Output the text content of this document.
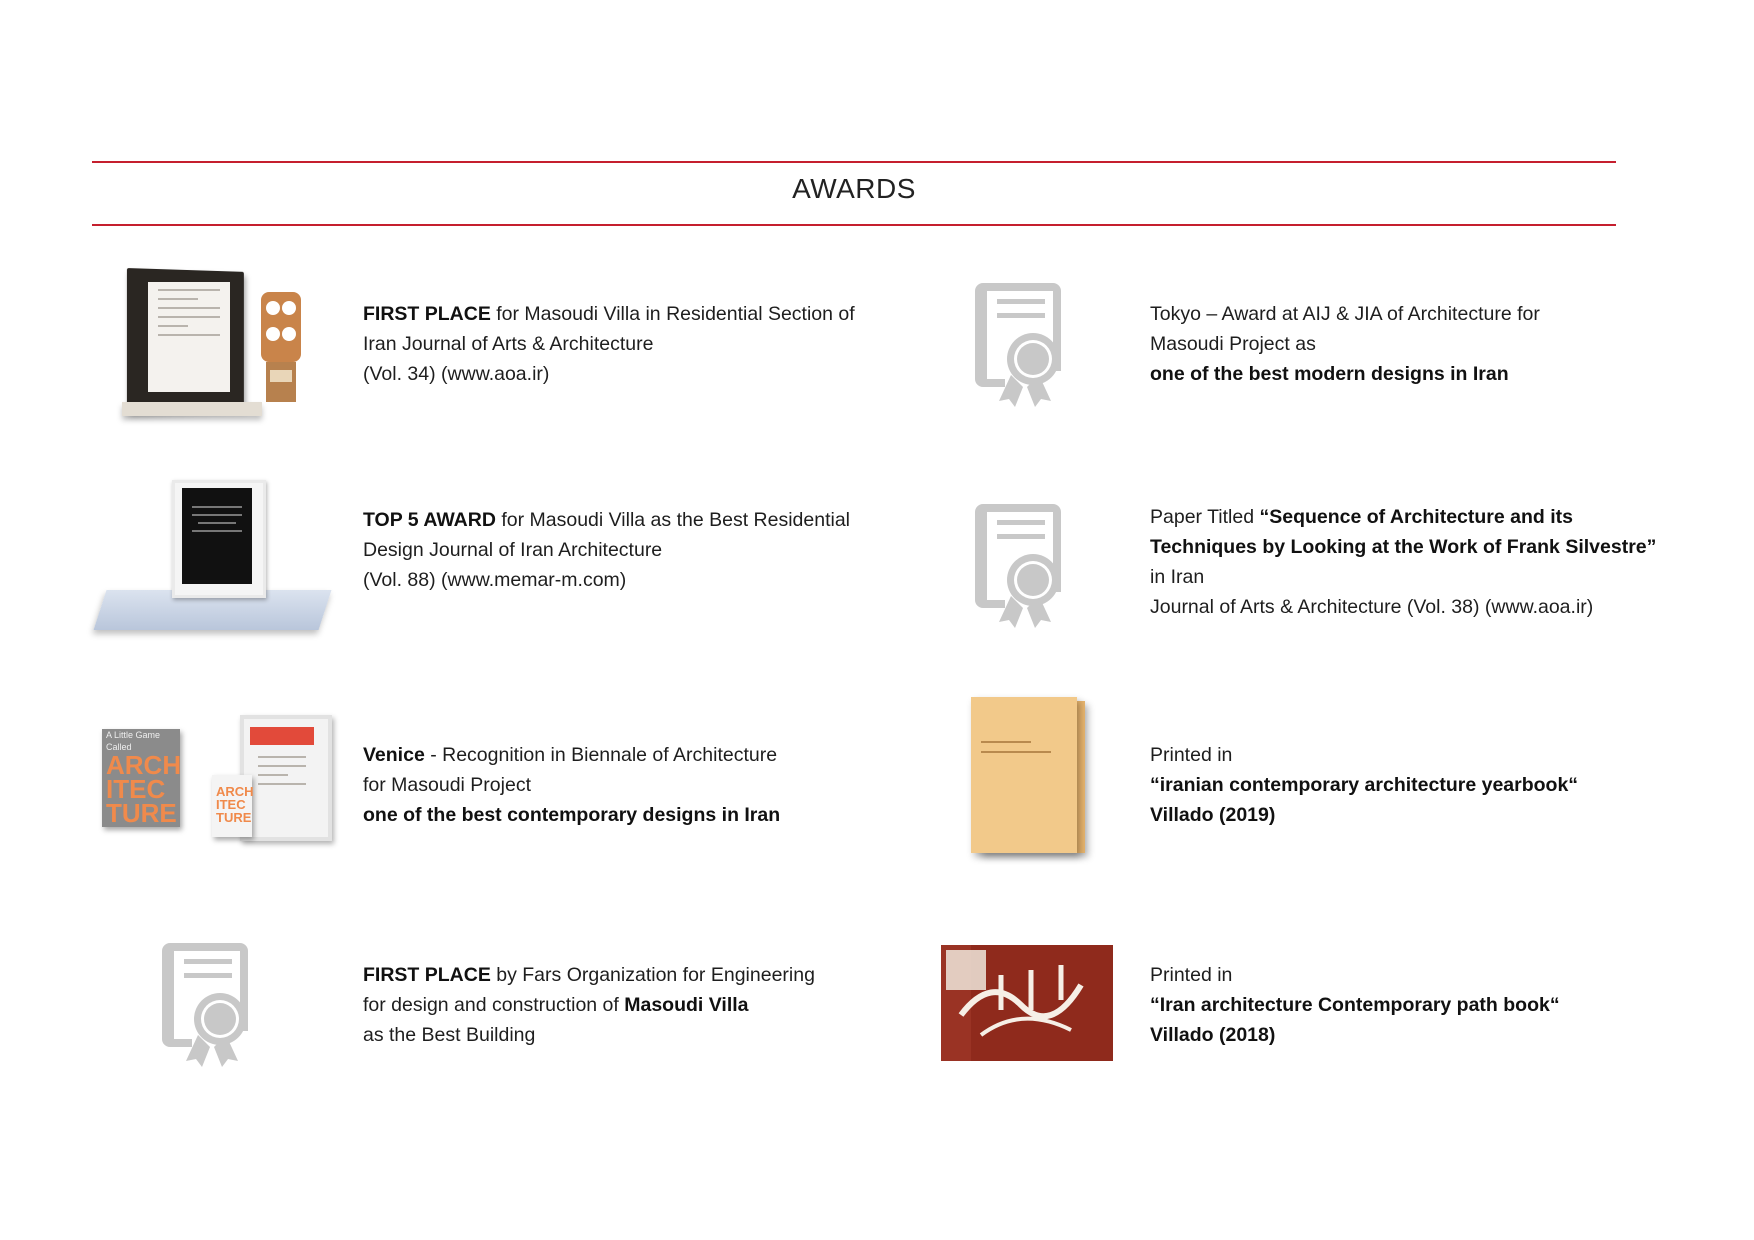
AWARDS
FIRST PLACE for Masoudi Villa in Residential Section of
Iran Journal of Arts & Architecture
(Vol. 34) (www.aoa.ir)
Tokyo – Award at AIJ & JIA of Architecture for
Masoudi Project as
one of the best modern designs in Iran
TOP 5 AWARD for Masoudi Villa as the Best Residential
Design Journal of Iran Architecture
(Vol. 88) (www.memar-m.com)
Paper Titled “Sequence of Architecture and its
Techniques by Looking at the Work of Frank Silvestre”
in Iran
Journal of Arts & Architecture (Vol. 38) (www.aoa.ir)
A Little Game Called
ARCH
ITEC
TURE
ARCH
ITEC
TURE
Venice - Recognition in Biennale of Architecture
for Masoudi Project
one of the best contemporary designs in Iran
Printed in
“iranian contemporary architecture yearbook“
Villado (2019)
FIRST PLACE by Fars Organization for Engineering
for design and construction of Masoudi Villa
as the Best Building
Printed in
“Iran architecture Contemporary path book“
Villado (2018)
